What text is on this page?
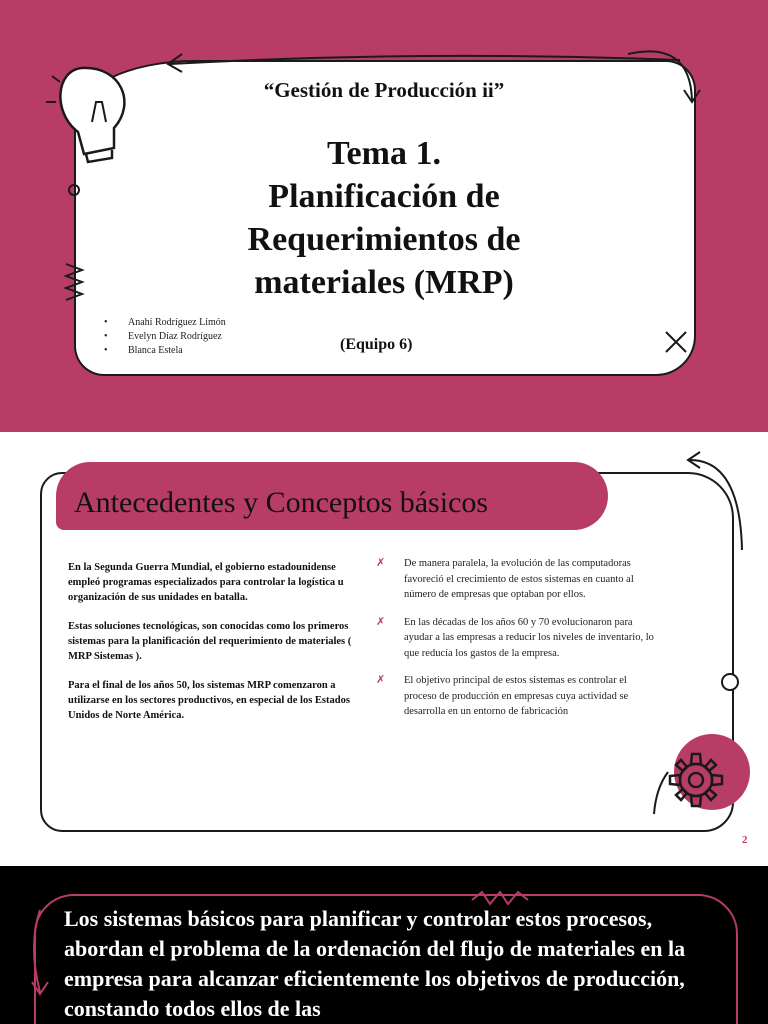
“Gestión de Producción ii”
Tema 1.
Planificación de
Requerimientos de
materiales (MRP)
• Anahí Rodríguez Limón
• Evelyn Díaz Rodríguez
• Blanca Estela	(Equipo 6)
Antecedentes y Conceptos básicos

En la Segunda Guerra Mundial, el gobierno estadounidense empleó programas especializados para controlar la logística u organización de sus unidades en batalla.

Estas soluciones tecnológicas, son conocidas como los primeros sistemas para la planificación del requerimiento de materiales ( MRP Sistemas ).

Para el final de los años 50, los sistemas MRP comenzaron a utilizarse en los sectores productivos, en especial de los Estados Unidos de Norte América.

✗ De manera paralela, la evolución de las computadoras favoreció el crecimiento de estos sistemas en cuanto al número de empresas que optaban por ellos.
✗ En las décadas de los años 60 y 70 evolucionaron para ayudar a las empresas a reducir los niveles de inventario, lo que reducía los gastos de la empresa.
✗ El objetivo principal de estos sistemas es controlar el proceso de producción en empresas cuya actividad se desarrolla en un entorno de fabricación
2
Los sistemas básicos para planificar y controlar estos procesos, abordan el problema de la ordenación del flujo de materiales en la empresa para alcanzar eficientemente los objetivos de producción, constando todos ellos de las
